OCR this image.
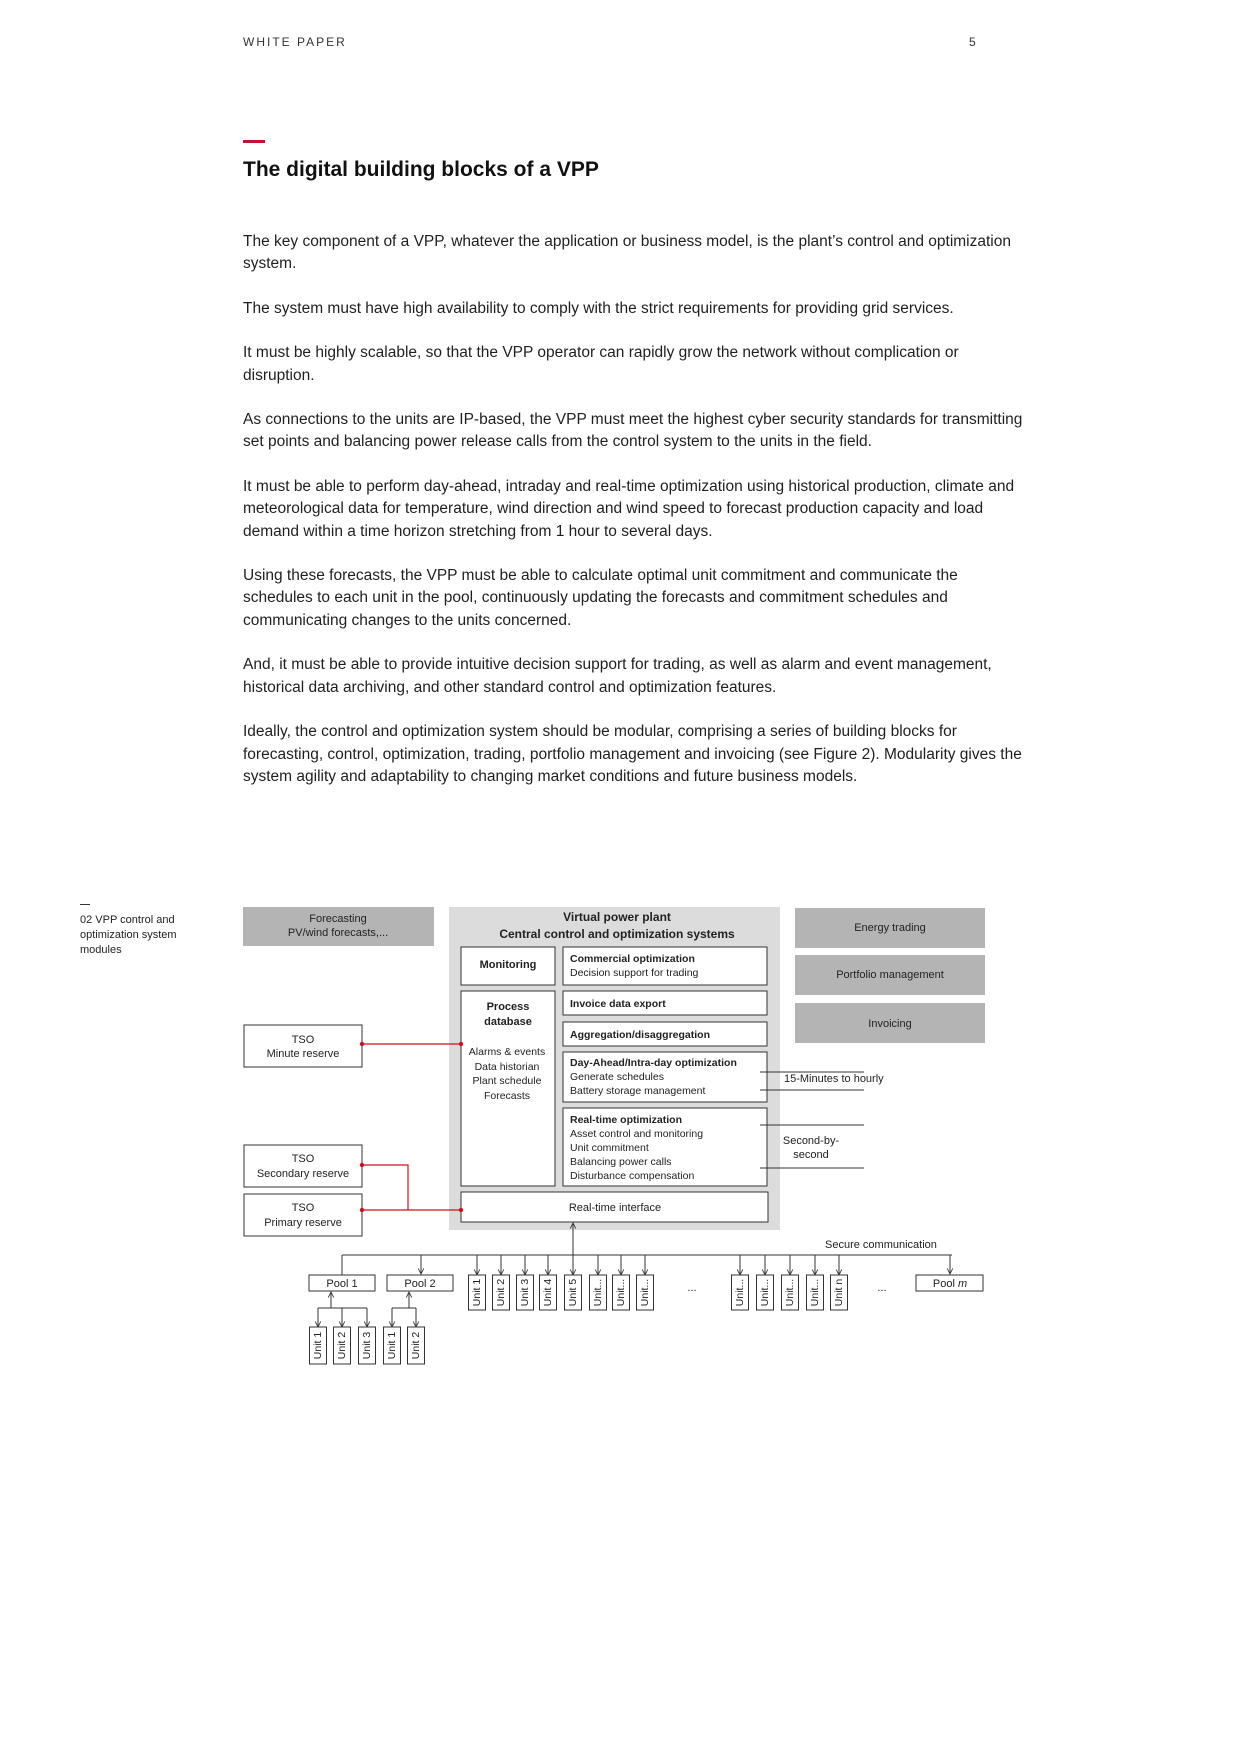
WHITE PAPER	5
The digital building blocks of a VPP

The key component of a VPP, whatever the application or business model, is the plant’s control and optimization system.

The system must have high availability to comply with the strict requirements for providing grid services.

It must be highly scalable, so that the VPP operator can rapidly grow the network without complication or disruption.

As connections to the units are IP-based, the VPP must meet the highest cyber security standards for transmitting set points and balancing power release calls from the control system to the units in the field.

It must be able to perform day-ahead, intraday and real-time optimization using historical production, climate and meteorological data for temperature, wind direction and wind speed to forecast production capacity and load demand within a time horizon stretching from 1 hour to several days.

Using these forecasts, the VPP must be able to calculate optimal unit commitment and communicate the schedules to each unit in the pool, continuously updating the forecasts and commitment schedules and communicating changes to the units concerned.

And, it must be able to provide intuitive decision support for trading, as well as alarm and event management, historical data archiving, and other standard control and optimization features.

Ideally, the control and optimization system should be modular, comprising a series of building blocks for forecasting, control, optimization, trading, portfolio management and invoicing (see Figure 2). Modularity gives the system agility and adaptability to changing market conditions and future business models.

02 VPP control and optimization system modules
Forecasting
PV/wind forecasts,...
Virtual power plant
Central control and optimization systems
Monitoring
Process
database
Alarms & events
Data historian
Plant schedule
Forecasts
Commercial optimization
Decision support for trading
Invoice data export
Aggregation/disaggregation
Day-Ahead/Intra-day optimization
Generate schedules
Battery storage management
Real-time optimization
Asset control and monitoring
Unit commitment
Balancing power calls
Disturbance compensation
Real-time interface
Energy trading
Portfolio management
Invoicing
15-Minutes to hourly
Second-by-
second
TSO
Minute reserve
TSO
Secondary reserve
TSO
Primary reserve
Secure communication
Pool 1	Pool 2	Pool m
...	...
Unit 1 Unit 2 Unit 3 Unit 4 Unit 5 Unit... Unit... Unit...	Unit... Unit... Unit... Unit... Unit n
Unit 1 Unit 2 Unit 3 Unit 1 Unit 2
